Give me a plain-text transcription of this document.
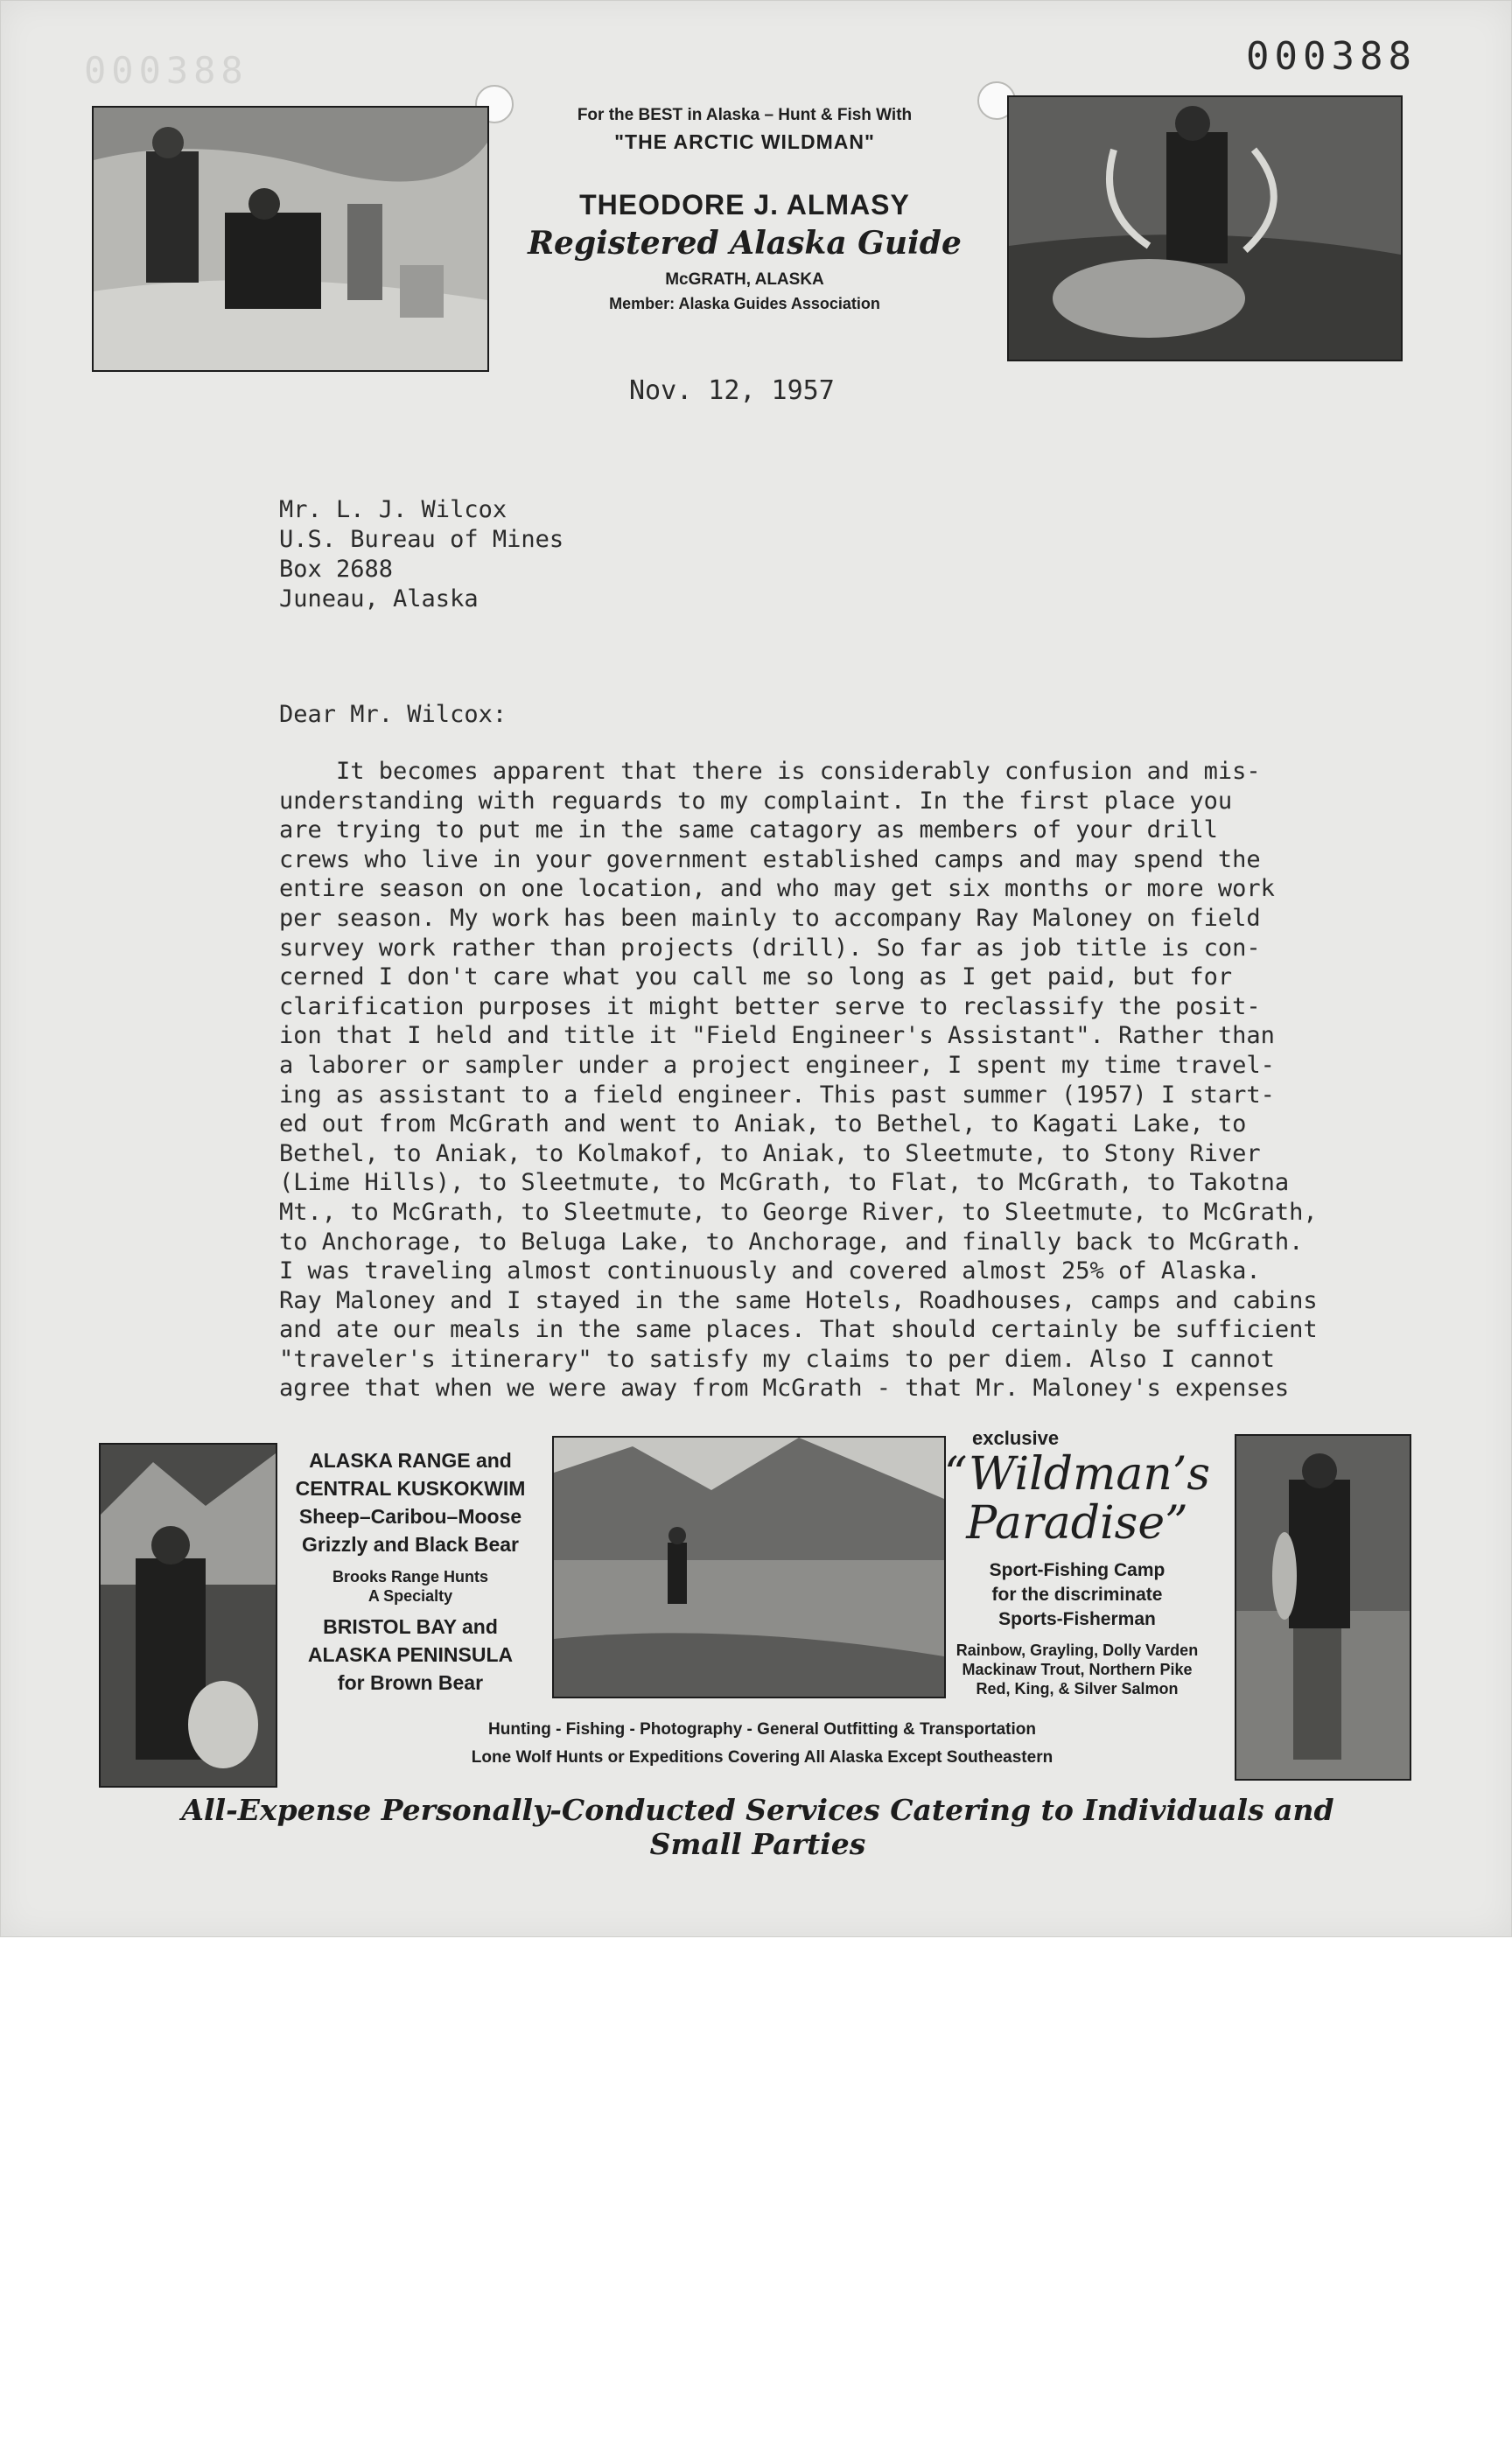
000388	000388
For the BEST in Alaska – Hunt & Fish With
"THE ARCTIC WILDMAN"
THEODORE J. ALMASY
Registered Alaska Guide
McGRATH, ALASKA
Member: Alaska Guides Association
Nov. 12, 1957
Mr. L. J. Wilcox
U.S. Bureau of Mines
Box 2688
Juneau, Alaska
Dear Mr. Wilcox:
It becomes apparent that there is considerably confusion and mis-
understanding with reguards to my complaint. In the first place you
are trying to put me in the same catagory as members of your drill
crews who live in your government established camps and may spend the
entire season on one location, and who may get six months or more work
per season. My work has been mainly to accompany Ray Maloney on field
survey work rather than projects (drill). So far as job title is con-
cerned I don't care what you call me so long as I get paid, but for
clarification purposes it might better serve to reclassify the posit-
ion that I held and title it "Field Engineer's Assistant". Rather than
a laborer or sampler under a project engineer, I spent my time travel-
ing as assistant to a field engineer. This past summer (1957) I start-
ed out from McGrath and went to Aniak, to Bethel, to Kagati Lake, to
Bethel, to Aniak, to Kolmakof, to Aniak, to Sleetmute, to Stony River
(Lime Hills), to Sleetmute, to McGrath, to Flat, to McGrath, to Takotna
Mt., to McGrath, to Sleetmute, to George River, to Sleetmute, to McGrath,
to Anchorage, to Beluga Lake, to Anchorage, and finally back to McGrath.
I was traveling almost continuously and covered almost 25% of Alaska.
Ray Maloney and I stayed in the same Hotels, Roadhouses, camps and cabins
and ate our meals in the same places. That should certainly be sufficient
"traveler's itinerary" to satisfy my claims to per diem. Also I cannot
agree that when we were away from McGrath - that Mr. Maloney's expenses
ALASKA RANGE and
CENTRAL KUSKOKWIM
Sheep–Caribou–Moose
Grizzly and Black Bear
Brooks Range Hunts
A Specialty
BRISTOL BAY and
ALASKA PENINSULA
for Brown Bear
exclusive
“Wildman’s
Paradise”
Sport-Fishing Camp
for the discriminate
Sports-Fisherman
Rainbow, Grayling, Dolly Varden
Mackinaw Trout, Northern Pike
Red, King, & Silver Salmon
Hunting - Fishing - Photography - General Outfitting & Transportation
Lone Wolf Hunts or Expeditions Covering All Alaska Except Southeastern
All-Expense Personally-Conducted Services Catering to Individuals and Small Parties
